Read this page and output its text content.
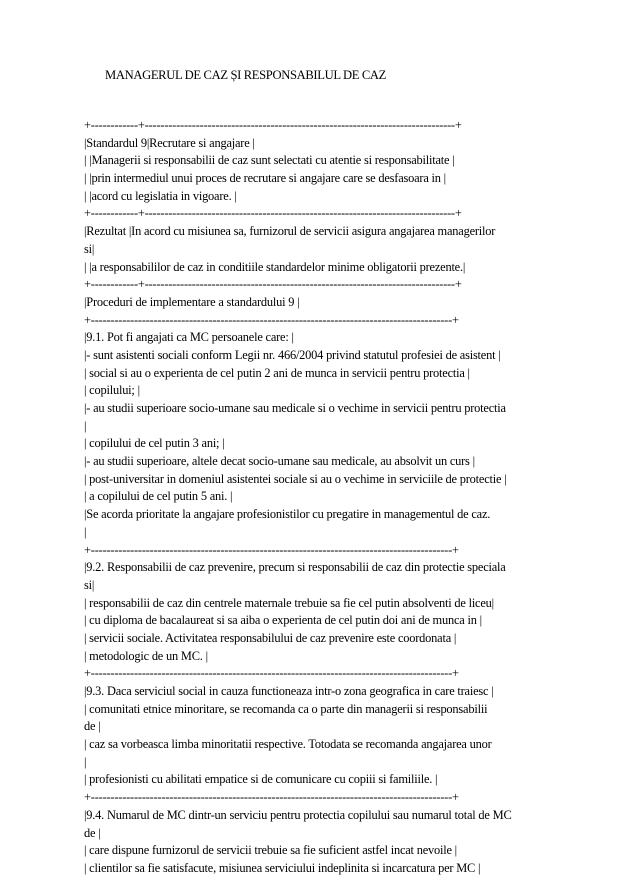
MANAGERUL DE CAZ ȘI RESPONSABILUL DE CAZ
+------------+-------------------------------------------------------------------------------+
|Standardul 9|Recrutare si angajare |
| |Managerii si responsabilii de caz sunt selectati cu atentie si responsabilitate |
| |prin intermediul unui proces de recrutare si angajare care se desfasoara in |
| |acord cu legislatia in vigoare. |
+------------+-------------------------------------------------------------------------------+
|Rezultat |In acord cu misiunea sa, furnizorul de servicii asigura angajarea managerilor
si|
| |a responsabililor de caz in conditiile standardelor minime obligatorii prezente.|
+------------+-------------------------------------------------------------------------------+
|Proceduri de implementare a standardului 9 |
+--------------------------------------------------------------------------------------------+
|9.1. Pot fi angajati ca MC persoanele care: |
|- sunt asistenti sociali conform Legii nr. 466/2004 privind statutul profesiei de asistent |
| social si au o experienta de cel putin 2 ani de munca in servicii pentru protectia |
| copilului; |
|- au studii superioare socio-umane sau medicale si o vechime in servicii pentru protectia
|
| copilului de cel putin 3 ani; |
|- au studii superioare, altele decat socio-umane sau medicale, au absolvit un curs |
| post-universitar in domeniul asistentei sociale si au o vechime in serviciile de protectie |
| a copilului de cel putin 5 ani. |
|Se acorda prioritate la angajare profesionistilor cu pregatire in managementul de caz.
|
+--------------------------------------------------------------------------------------------+
|9.2. Responsabilii de caz prevenire, precum si responsabilii de caz din protectie speciala
si|
| responsabilii de caz din centrele maternale trebuie sa fie cel putin absolventi de liceu|
| cu diploma de bacalaureat si sa aiba o experienta de cel putin doi ani de munca in |
| servicii sociale. Activitatea responsabilului de caz prevenire este coordonata |
| metodologic de un MC. |
+--------------------------------------------------------------------------------------------+
|9.3. Daca serviciul social in cauza functioneaza intr-o zona geografica in care traiesc |
| comunitati etnice minoritare, se recomanda ca o parte din managerii si responsabilii
de |
| caz sa vorbeasca limba minoritatii respective. Totodata se recomanda angajarea unor
|
| profesionisti cu abilitati empatice si de comunicare cu copiii si familiile. |
+--------------------------------------------------------------------------------------------+
|9.4. Numarul de MC dintr-un serviciu pentru protectia copilului sau numarul total de MC
de |
| care dispune furnizorul de servicii trebuie sa fie suficient astfel incat nevoile |
| clientilor sa fie satisfacute, misiunea serviciului indeplinita si incarcatura per MC |
